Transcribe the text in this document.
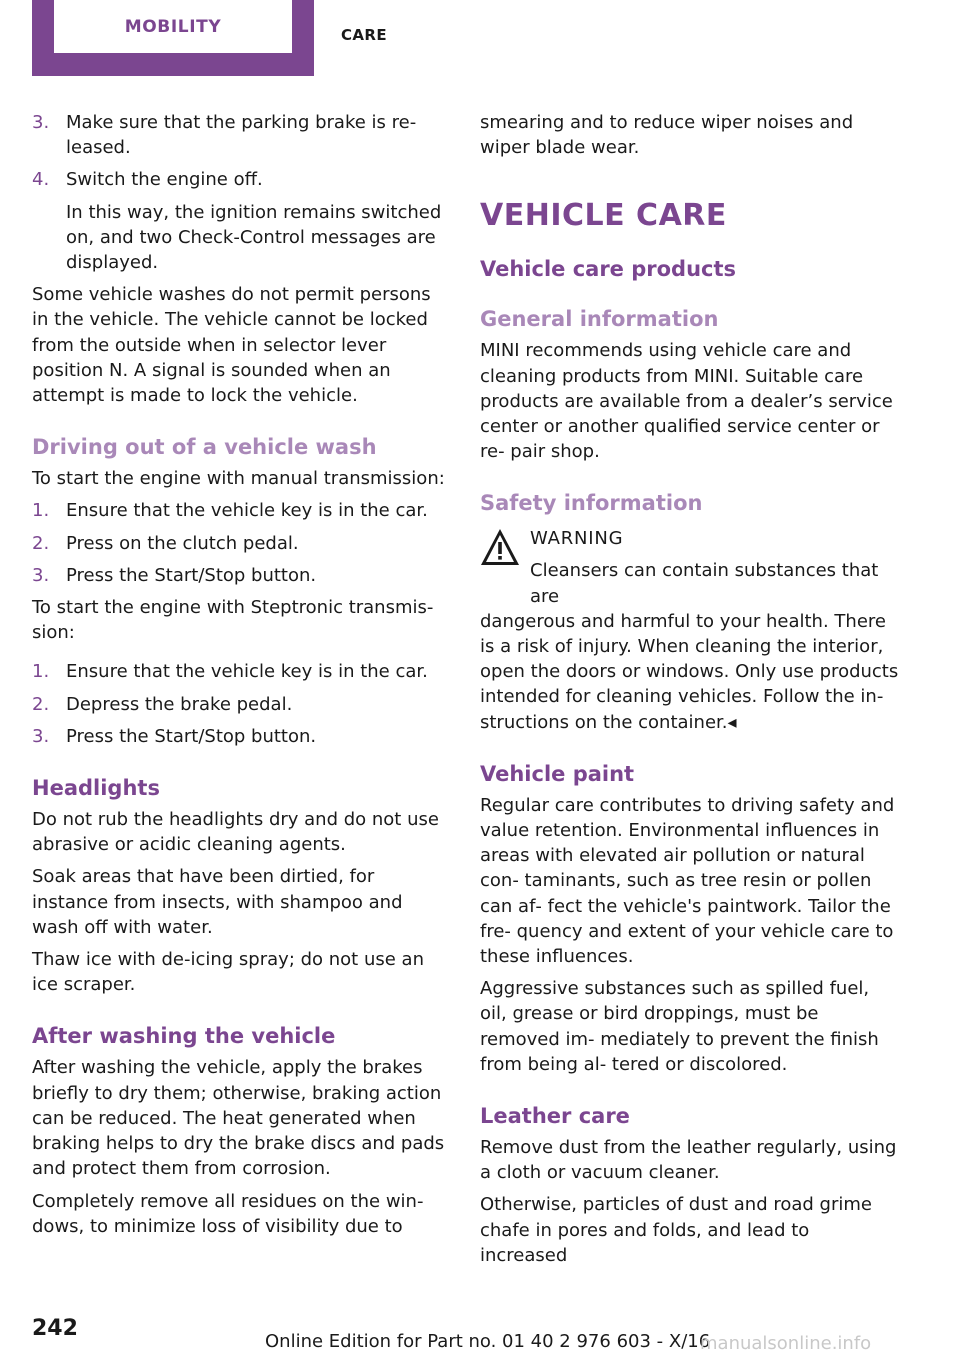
MOBILITY	CARE
3. Make sure that the parking brake is re‐ leased.
4. Switch the engine off.
In this way, the ignition remains switched on, and two Check-Control messages are displayed.

Some vehicle washes do not permit persons in the vehicle. The vehicle cannot be locked from the outside when in selector lever position N. A signal is sounded when an attempt is made to lock the vehicle.

Driving out of a vehicle wash

To start the engine with manual transmission:

1. Ensure that the vehicle key is in the car.
2. Press on the clutch pedal.
3. Press the Start/Stop button.

To start the engine with Steptronic transmis‐ sion:

1. Ensure that the vehicle key is in the car.
2. Depress the brake pedal.
3. Press the Start/Stop button.
Headlights

Do not rub the headlights dry and do not use abrasive or acidic cleaning agents.

Soak areas that have been dirtied, for instance from insects, with shampoo and wash off with water.

Thaw ice with de-icing spray; do not use an ice scraper.

After washing the vehicle

After washing the vehicle, apply the brakes briefly to dry them; otherwise, braking action can be reduced. The heat generated when braking helps to dry the brake discs and pads and protect them from corrosion.

Completely remove all residues on the win‐ dows, to minimize loss of visibility due to

smearing and to reduce wiper noises and wiper blade wear.

VEHICLE CARE
Vehicle care products
General information

MINI recommends using vehicle care and cleaning products from MINI. Suitable care products are available from a dealer’s service center or another qualified service center or re‐ pair shop.

Safety information
WARNING
Cleansers can contain substances that are

dangerous and harmful to your health. There is a risk of injury. When cleaning the interior, open the doors or windows. Only use products intended for cleaning vehicles. Follow the in‐ structions on the container.◂

Vehicle paint

Regular care contributes to driving safety and value retention. Environmental influences in areas with elevated air pollution or natural con‐ taminants, such as tree resin or pollen can af‐ fect the vehicle's paintwork. Tailor the fre‐ quency and extent of your vehicle care to these influences.

Aggressive substances such as spilled fuel, oil, grease or bird droppings, must be removed im‐ mediately to prevent the finish from being al‐ tered or discolored.

Leather care

Remove dust from the leather regularly, using a cloth or vacuum cleaner.

Otherwise, particles of dust and road grime chafe in pores and folds, and lead to increased

242
Online Edition for Part no. 01 40 2 976 603 - X/16
manualsonline.info
